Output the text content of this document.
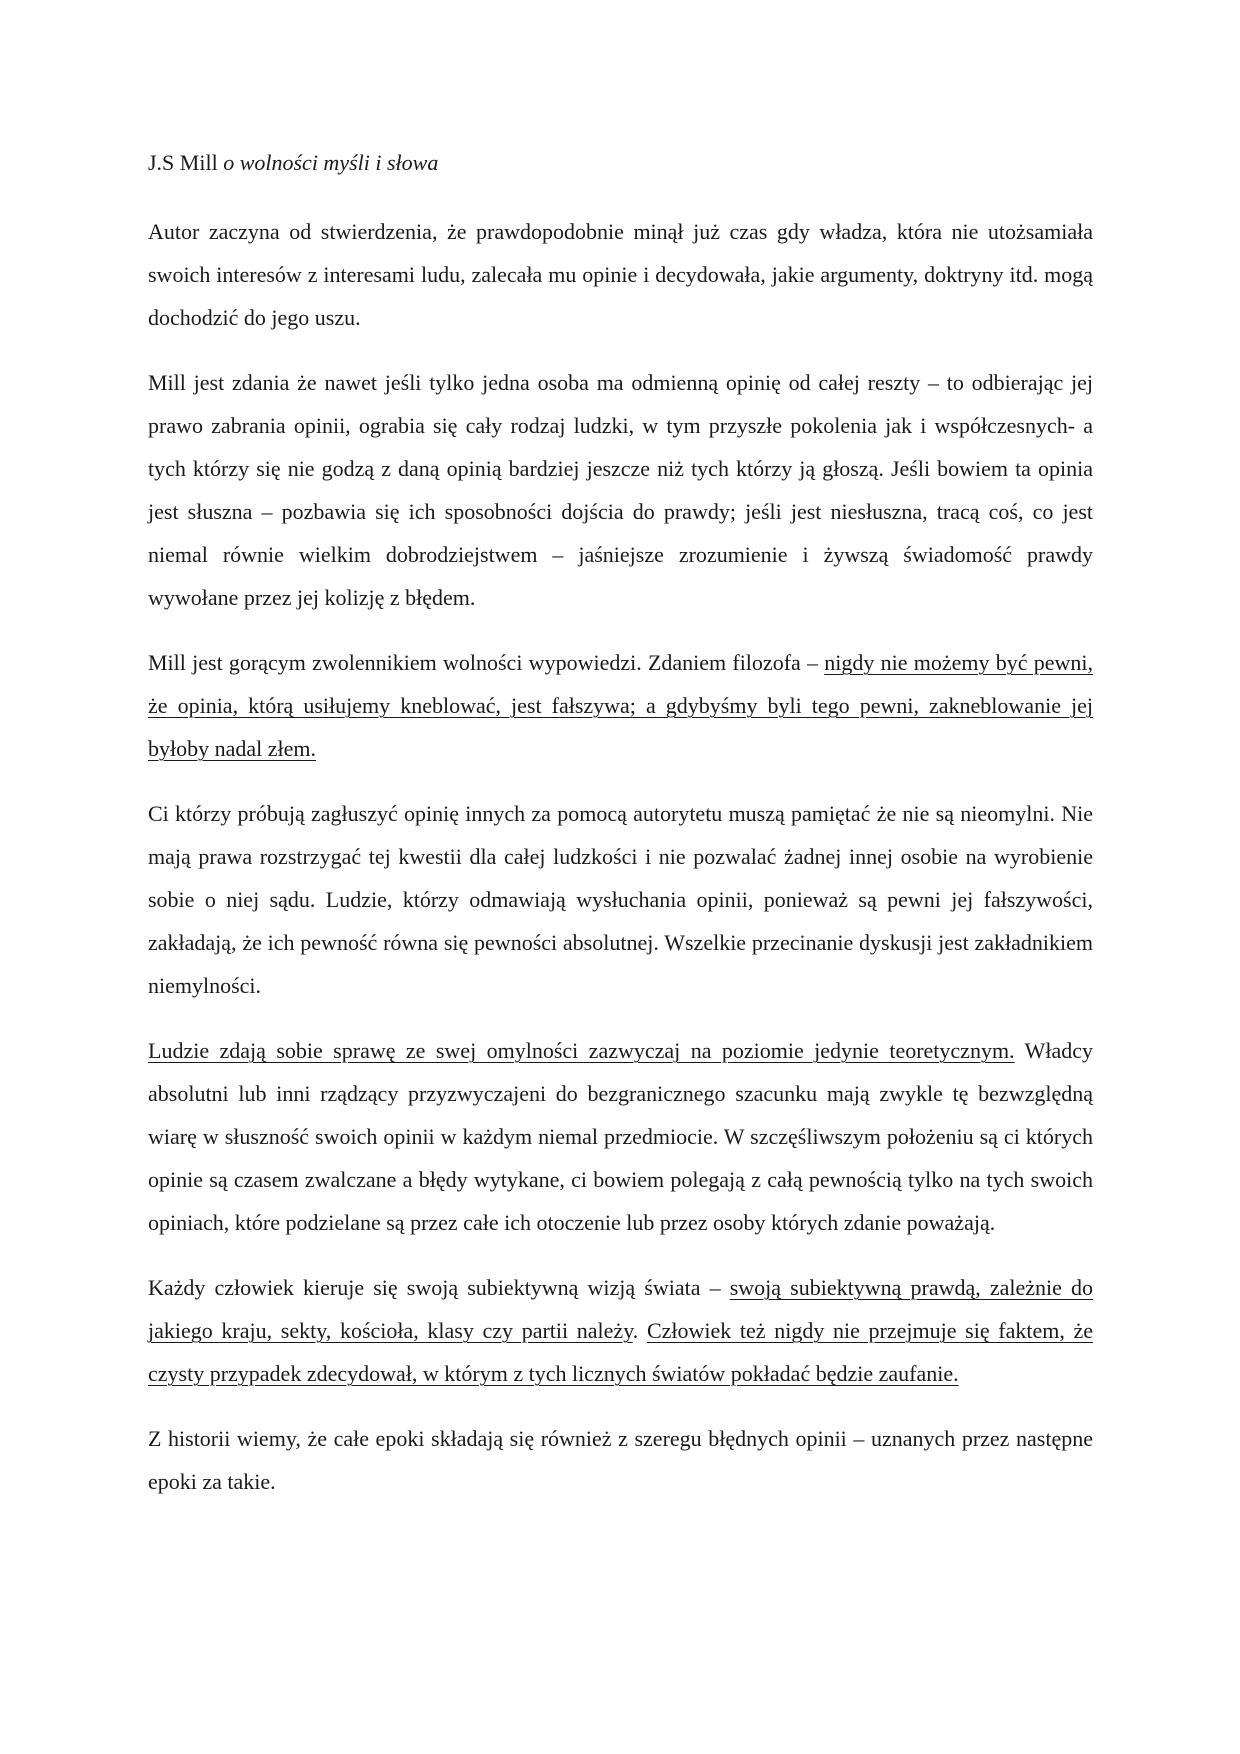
J.S Mill o wolności myśli i słowa

Autor zaczyna od stwierdzenia, że prawdopodobnie minął już czas gdy władza, która nie utożsamiała swoich interesów z interesami ludu, zalecała mu opinie i decydowała, jakie argumenty, doktryny itd. mogą dochodzić do jego uszu.

Mill jest zdania że nawet jeśli tylko jedna osoba ma odmienną opinię od całej reszty – to odbierając jej prawo zabrania opinii, ograbia się cały rodzaj ludzki, w tym przyszłe pokolenia jak i współczesnych- a tych którzy się nie godzą z daną opinią bardziej jeszcze niż tych którzy ją głoszą. Jeśli bowiem ta opinia jest słuszna – pozbawia się ich sposobności dojścia do prawdy; jeśli jest niesłuszna, tracą coś, co jest niemal równie wielkim dobrodziejstwem – jaśniejsze zrozumienie i żywszą świadomość prawdy wywołane przez jej kolizję z błędem.

Mill jest gorącym zwolennikiem wolności wypowiedzi. Zdaniem filozofa – nigdy nie możemy być pewni, że opinia, którą usiłujemy kneblować, jest fałszywa; a gdybyśmy byli tego pewni, zakneblowanie jej byłoby nadal złem.

Ci którzy próbują zagłuszyć opinię innych za pomocą autorytetu muszą pamiętać że nie są nieomylni. Nie mają prawa rozstrzygać tej kwestii dla całej ludzkości i nie pozwalać żadnej innej osobie na wyrobienie sobie o niej sądu. Ludzie, którzy odmawiają wysłuchania opinii, ponieważ są pewni jej fałszywości, zakładają, że ich pewność równa się pewności absolutnej. Wszelkie przecinanie dyskusji jest zakładnikiem niemylności.

Ludzie zdają sobie sprawę ze swej omylności zazwyczaj na poziomie jedynie teoretycznym. Władcy absolutni lub inni rządzący przyzwyczajeni do bezgranicznego szacunku mają zwykle tę bezwzględną wiarę w słuszność swoich opinii w każdym niemal przedmiocie. W szczęśliwszym położeniu są ci których opinie są czasem zwalczane a błędy wytykane, ci bowiem polegają z całą pewnością tylko na tych swoich opiniach, które podzielane są przez całe ich otoczenie lub przez osoby których zdanie poważają.

Każdy człowiek kieruje się swoją subiektywną wizją świata – swoją subiektywną prawdą, zależnie do jakiego kraju, sekty, kościoła, klasy czy partii należy. Człowiek też nigdy nie przejmuje się faktem, że czysty przypadek zdecydował, w którym z tych licznych światów pokładać będzie zaufanie.

Z historii wiemy, że całe epoki składają się również z szeregu błędnych opinii – uznanych przez następne epoki za takie.
